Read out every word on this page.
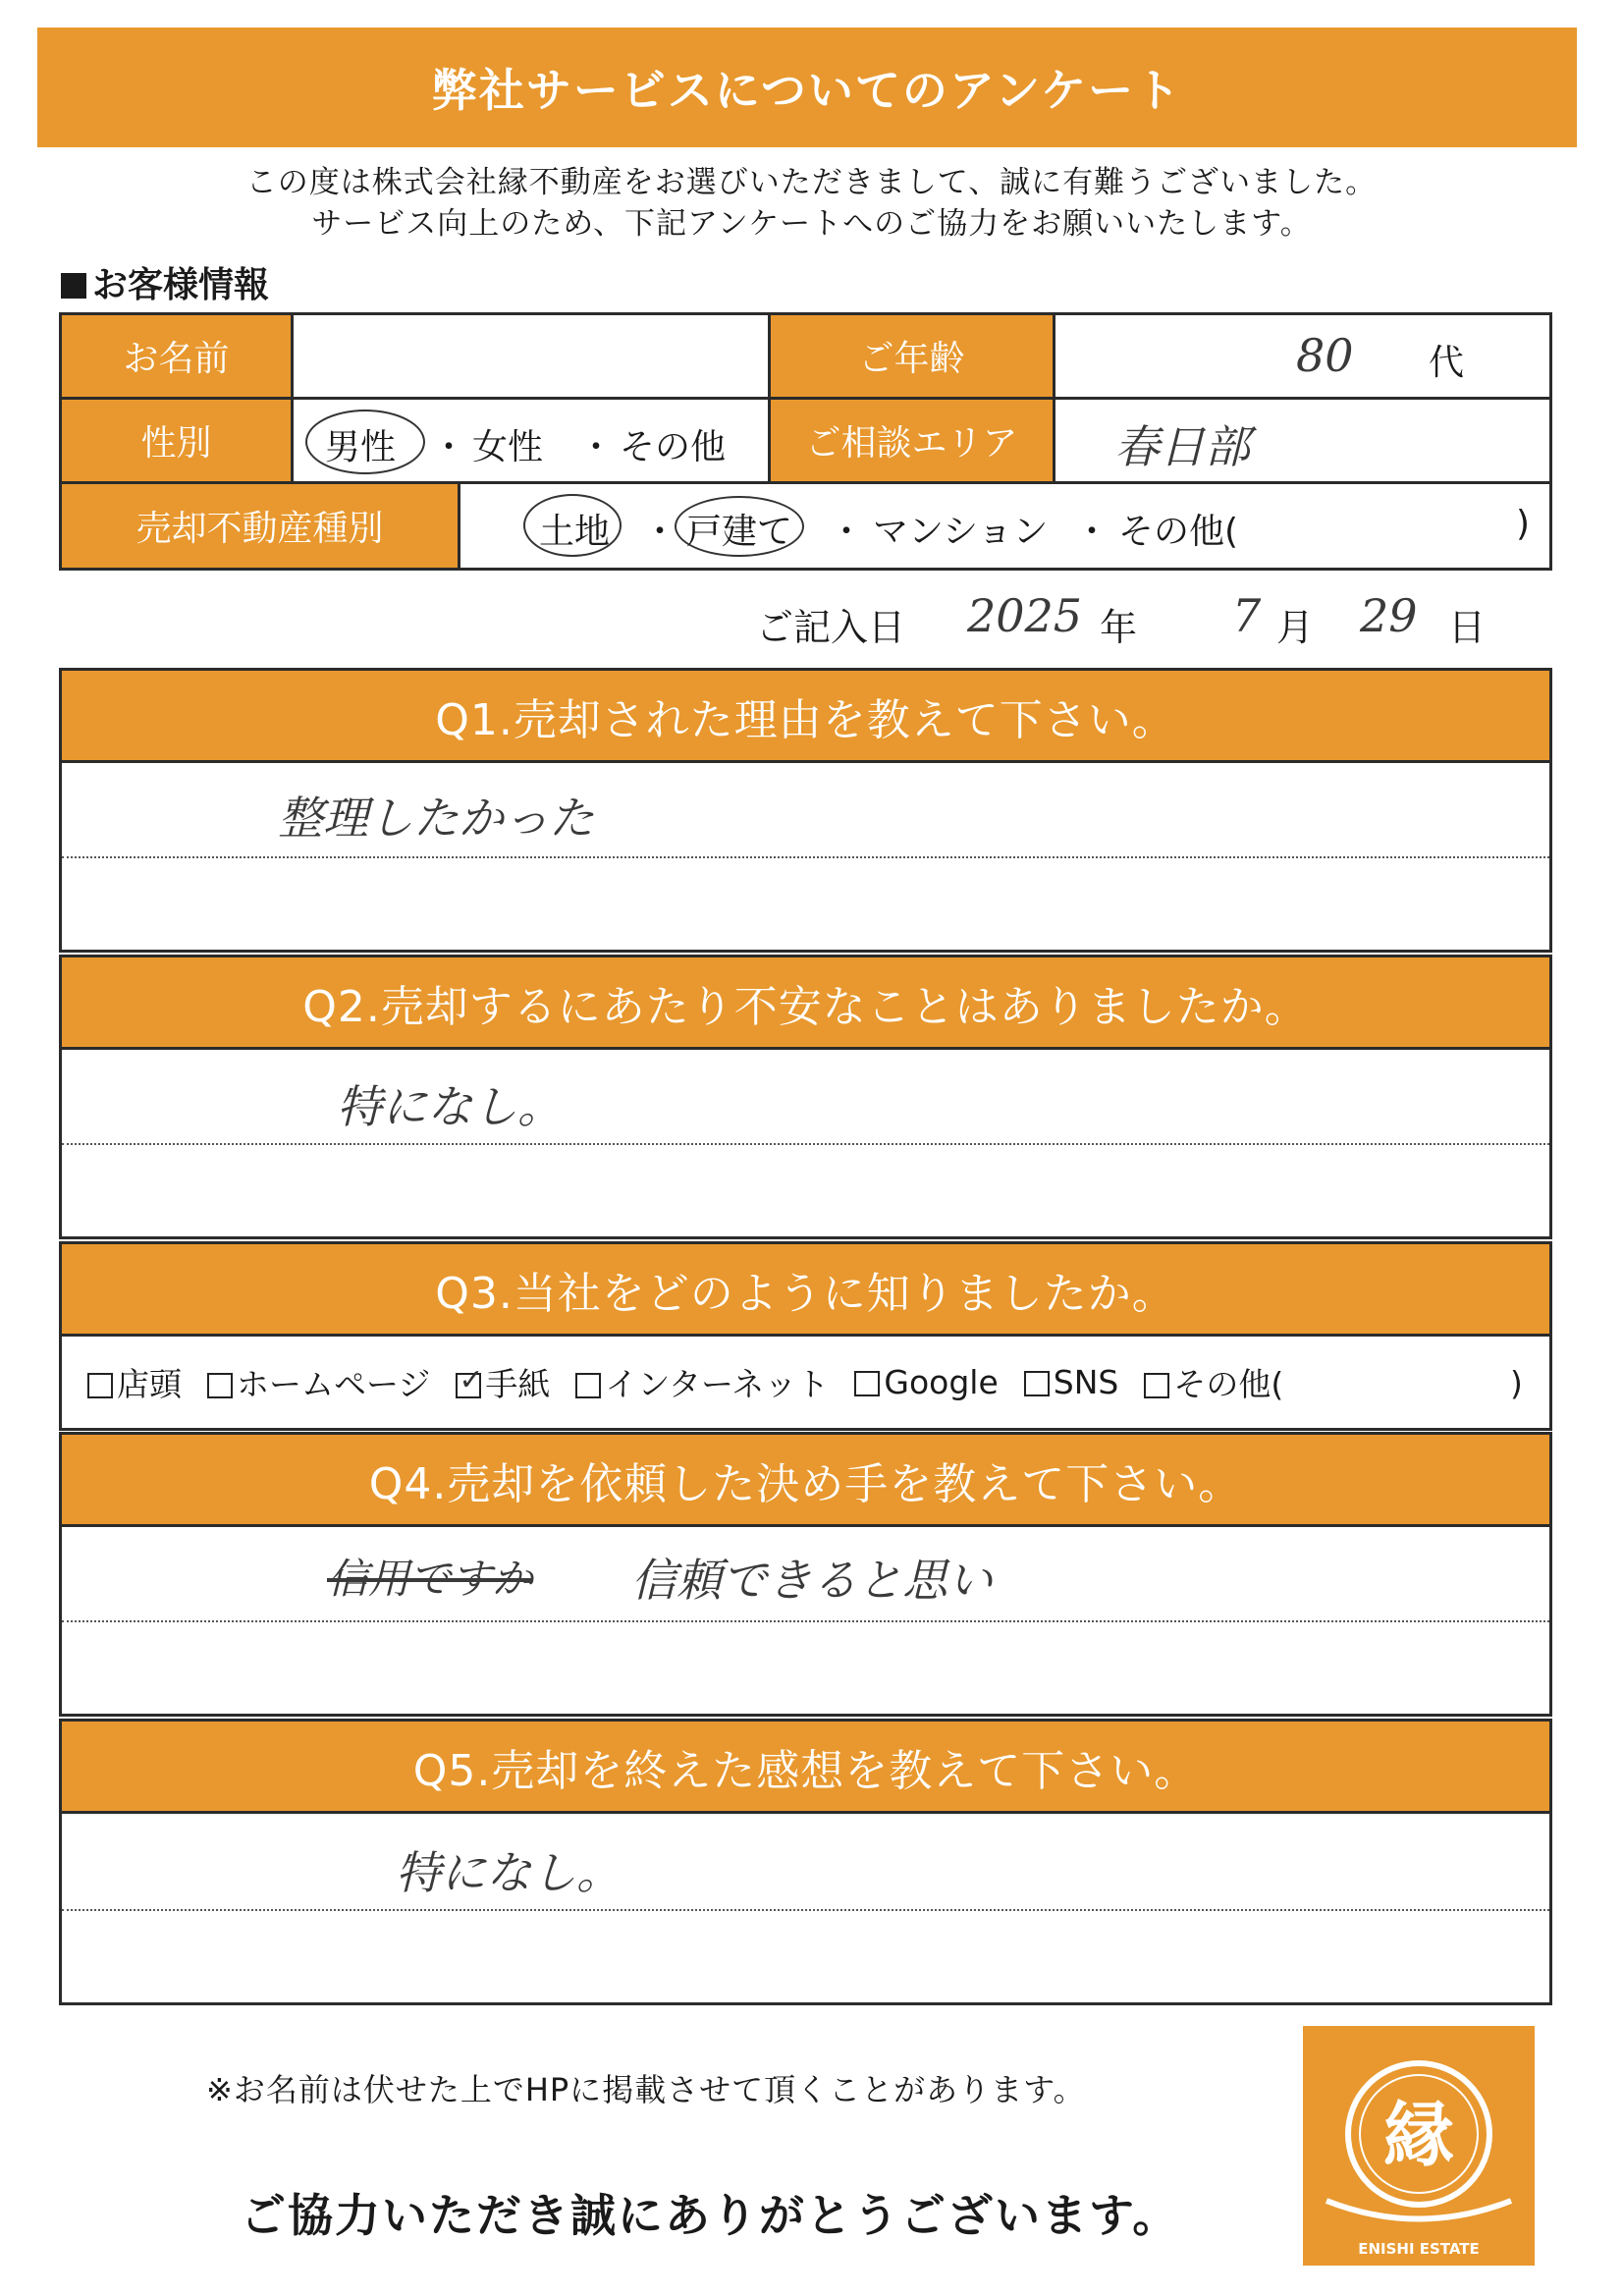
弊社サービスについてのアンケート
この度は株式会社縁不動産をお選びいただきまして、誠に有難うございました。
サービス向上のため、下記アンケートへのご協力をお願いいたします。
お客様情報
お名前	ご年齢	80 代
性別	男性 ・ 女性 ・ その他	ご相談エリア	春日部
売却不動産種別	土地 ・ 戸建て ・ マンション ・ その他(	)
ご記入日 2025 年 7 月 29 日
Q1.売却された理由を教えて下さい。
整理したかった
Q2.売却するにあたり不安なことはありましたか。
特になし。
Q3.当社をどのように知りましたか。
店頭	ホームページ
✓	手紙	インターネット	Google	SNS	その他(	)
Q4.売却を依頼した決め手を教えて下さい。
信用ですか 信頼できると思い
Q5.売却を終えた感想を教えて下さい。
特になし。
※お名前は伏せた上でHPに掲載させて頂くことがあります。
ご協力いただき誠にありがとうございます。
縁
ENISHI ESTATE
